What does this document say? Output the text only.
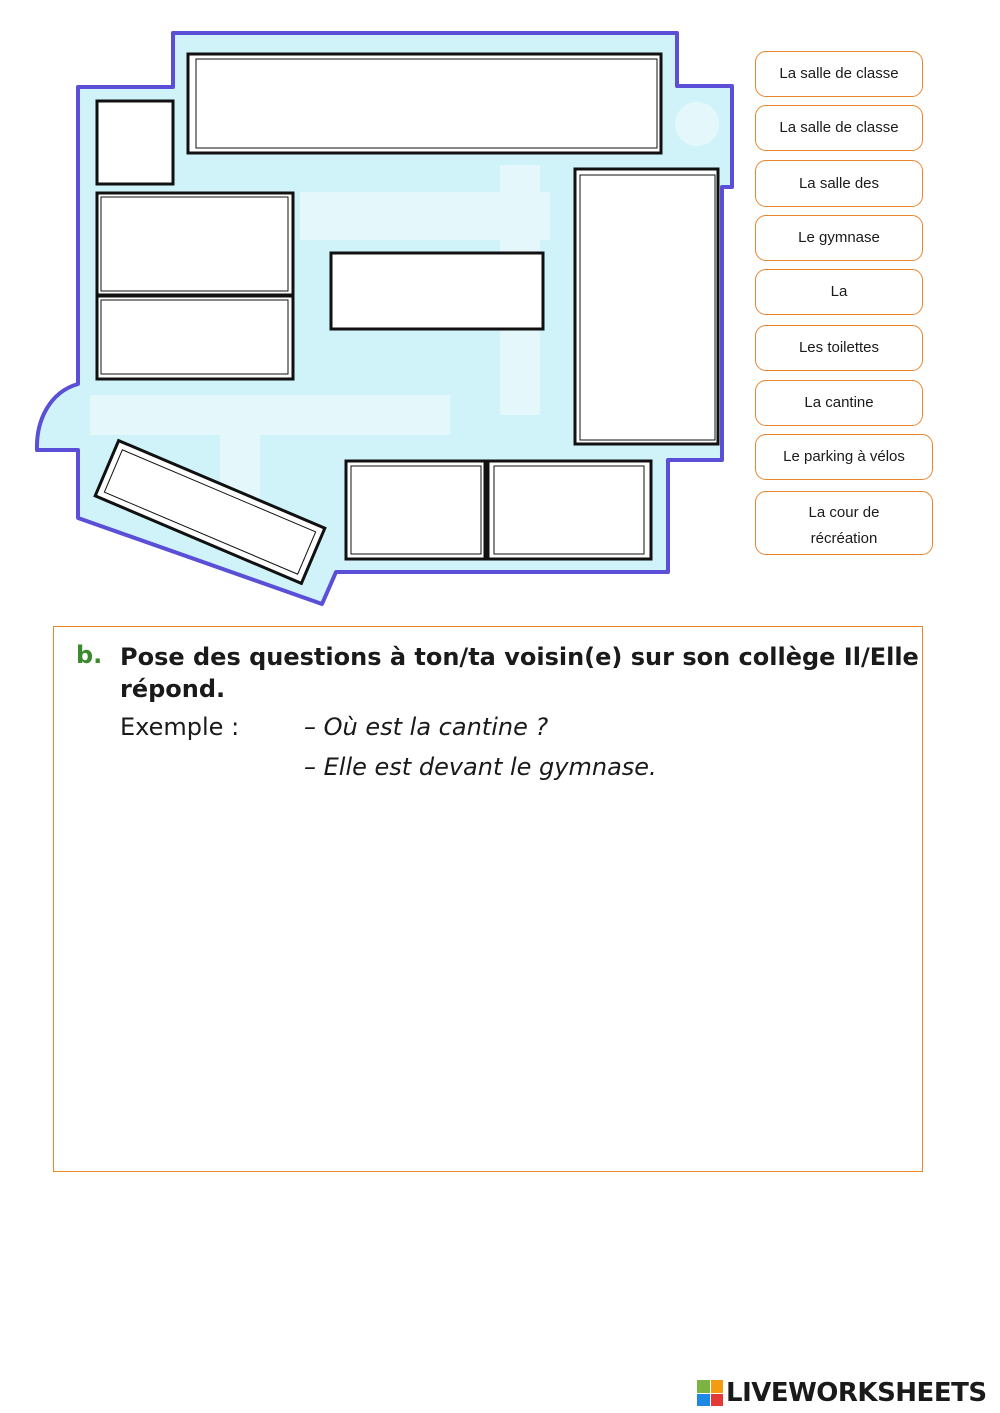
La salle de classe
La salle de classe
La salle des
Le gymnase
La
Les toilettes
La cantine
Le parking à vélos
La cour de
récréation
b. Pose des questions à ton/ta voisin(e) sur son collège Il/Elle répond.
Exemple :	– Où est la cantine ?
– Elle est devant le gymnase.
LIVEWORKSHEETS
